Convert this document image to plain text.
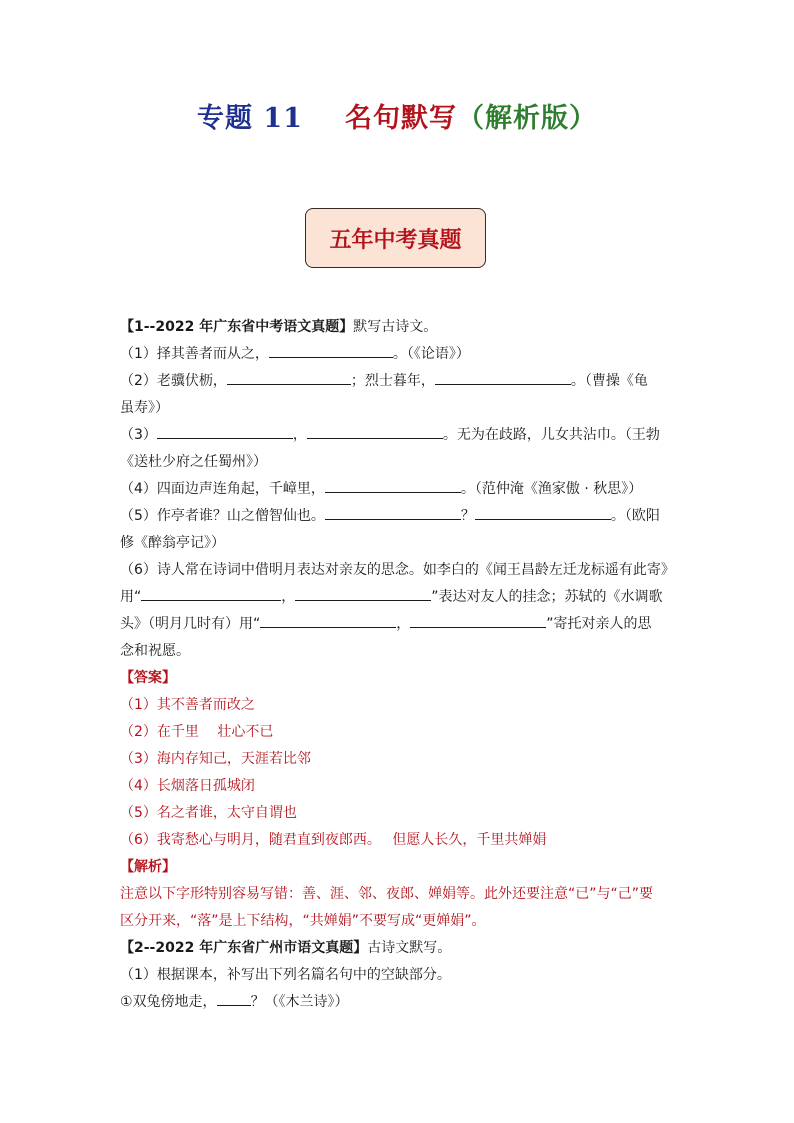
专题 11 名句默写（解析版）
五年中考真题

【1--2022 年广东省中考语文真题】默写古诗文。

（1）择其善者而从之，	。（《论语》）

（2）老骥伏枥，	；烈士暮年，	。（曹操《龟

虽寿》）

（3）	，	。无为在歧路，儿女共沾巾。（王勃

《送杜少府之任蜀州》）

（4）四面边声连角起，千嶂里，	。（范仲淹《渔家傲 · 秋思》）

（5）作亭者谁？山之僧智仙也。	？	。（欧阳

修《醉翁亭记》）

（6）诗人常在诗词中借明月表达对亲友的思念。如李白的《闻王昌龄左迁龙标遥有此寄》

用“	，	”表达对友人的挂念；苏轼的《水调歌

头》（明月几时有）用“	，	”寄托对亲人的思

念和祝愿。

【答案】

（1）其不善者而改之

（2）在千里　 壮心不已

（3）海内存知己，天涯若比邻

（4）长烟落日孤城闭

（5）名之者谁，太守自谓也

（6）我寄愁心与明月，随君直到夜郎西。　 但愿人长久，千里共婵娟

【解析】

注意以下字形特别容易写错：善、涯、邻、夜郎、婵娟等。此外还要注意“已”与“己”要

区分开来，“落”是上下结构，“共婵娟”不要写成“更婵娟”。

【2--2022 年广东省广州市语文真题】古诗文默写。

（1）根据课本，补写出下列名篇名句中的空缺部分。

①双兔傍地走， ？（《木兰诗》）
